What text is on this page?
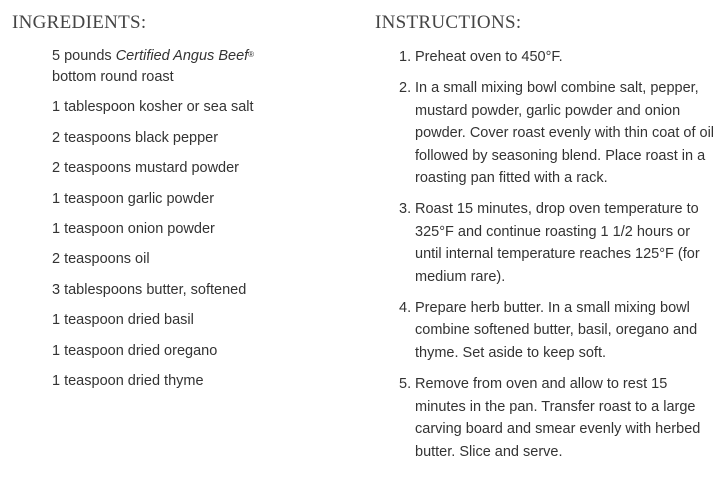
INGREDIENTS:
5 pounds Certified Angus Beef®
bottom round roast
1 tablespoon kosher or sea salt
2 teaspoons black pepper
2 teaspoons mustard powder
1 teaspoon garlic powder
1 teaspoon onion powder
2 teaspoons oil
3 tablespoons butter, softened
1 teaspoon dried basil
1 teaspoon dried oregano
1 teaspoon dried thyme
INSTRUCTIONS:
1. Preheat oven to 450°F.
2. In a small mixing bowl combine salt, pepper, mustard powder, garlic powder and onion powder. Cover roast evenly with thin coat of oil followed by seasoning blend. Place roast in a roasting pan fitted with a rack.
3. Roast 15 minutes, drop oven temperature to 325°F and continue roasting 1 1/2 hours or until internal temperature reaches 125°F (for medium rare).
4. Prepare herb butter. In a small mixing bowl combine softened butter, basil, oregano and thyme. Set aside to keep soft.
5. Remove from oven and allow to rest 15 minutes in the pan. Transfer roast to a large carving board and smear evenly with herbed butter. Slice and serve.
